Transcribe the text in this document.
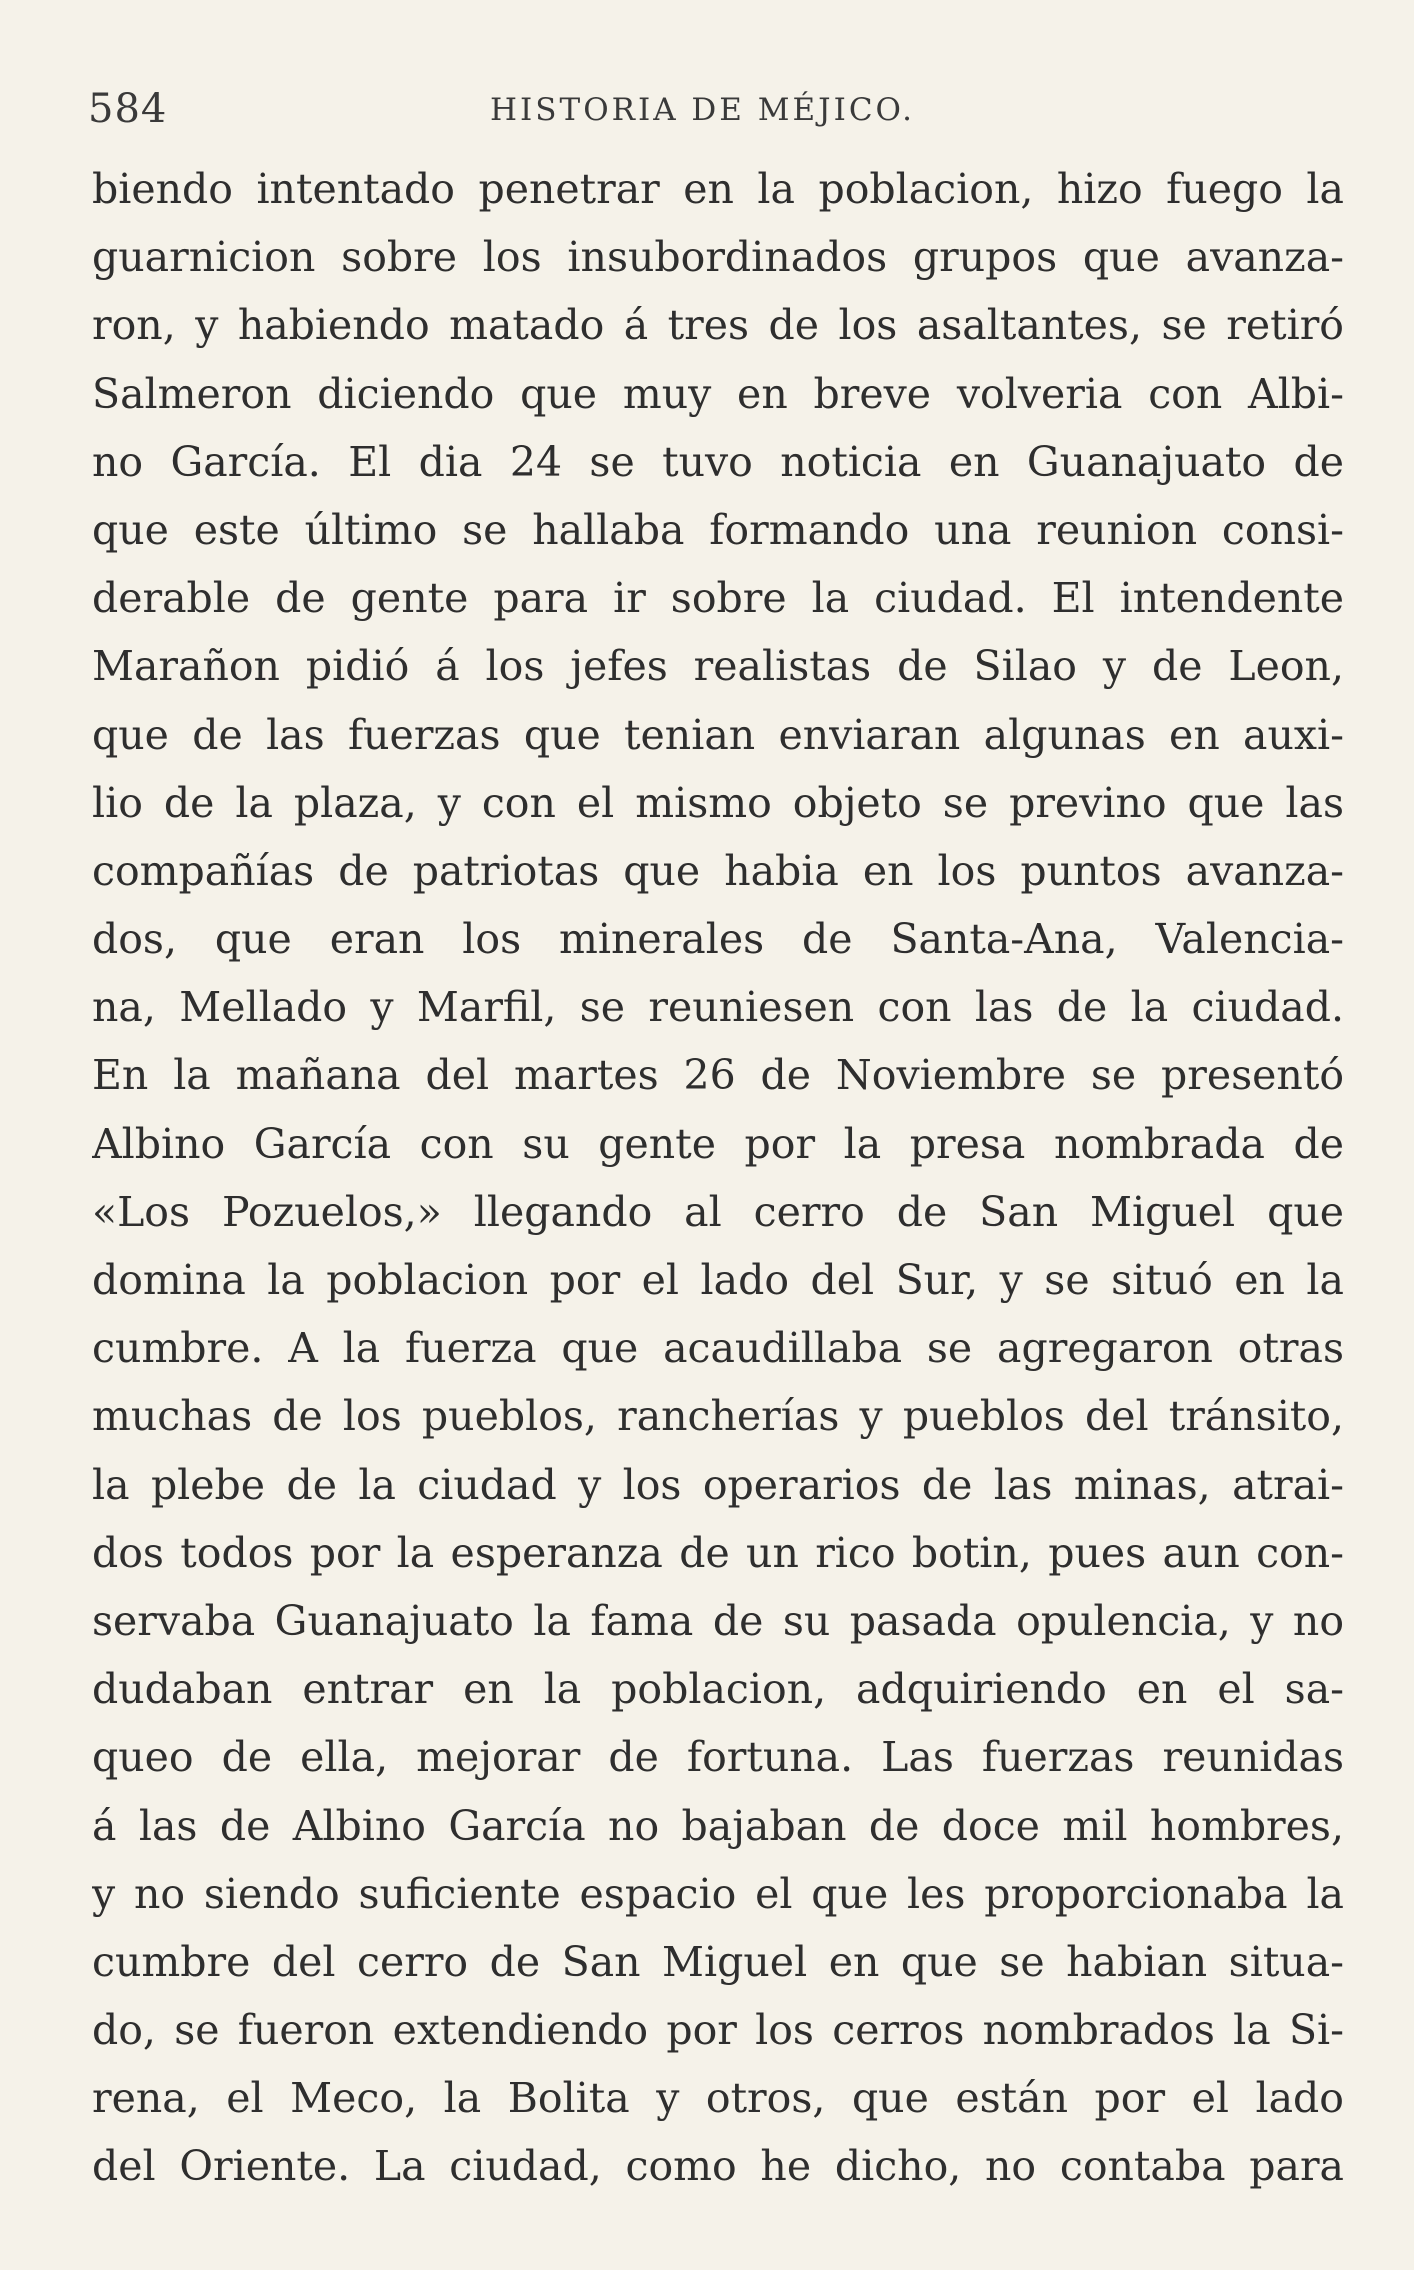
584	HISTORIA DE MÉJICO.
biendo intentado penetrar en la poblacion, hizo fuego la
guarnicion sobre los insubordinados grupos que avanza-
ron, y habiendo matado á tres de los asaltantes, se retiró
Salmeron diciendo que muy en breve volveria con Albi-
no García. El dia 24 se tuvo noticia en Guanajuato de
que este último se hallaba formando una reunion consi-
derable de gente para ir sobre la ciudad. El intendente
Marañon pidió á los jefes realistas de Silao y de Leon,
que de las fuerzas que tenian enviaran algunas en auxi-
lio de la plaza, y con el mismo objeto se previno que las
compañías de patriotas que habia en los puntos avanza-
dos, que eran los minerales de Santa-Ana, Valencia-
na, Mellado y Marfil, se reuniesen con las de la ciudad.
En la mañana del martes 26 de Noviembre se presentó
Albino García con su gente por la presa nombrada de
«Los Pozuelos,» llegando al cerro de San Miguel que
domina la poblacion por el lado del Sur, y se situó en la
cumbre. A la fuerza que acaudillaba se agregaron otras
muchas de los pueblos, rancherías y pueblos del tránsito,
la plebe de la ciudad y los operarios de las minas, atrai-
dos todos por la esperanza de un rico botin, pues aun con-
servaba Guanajuato la fama de su pasada opulencia, y no
dudaban entrar en la poblacion, adquiriendo en el sa-
queo de ella, mejorar de fortuna. Las fuerzas reunidas
á las de Albino García no bajaban de doce mil hombres,
y no siendo suficiente espacio el que les proporcionaba la
cumbre del cerro de San Miguel en que se habian situa-
do, se fueron extendiendo por los cerros nombrados la Si-
rena, el Meco, la Bolita y otros, que están por el lado
del Oriente. La ciudad, como he dicho, no contaba para
